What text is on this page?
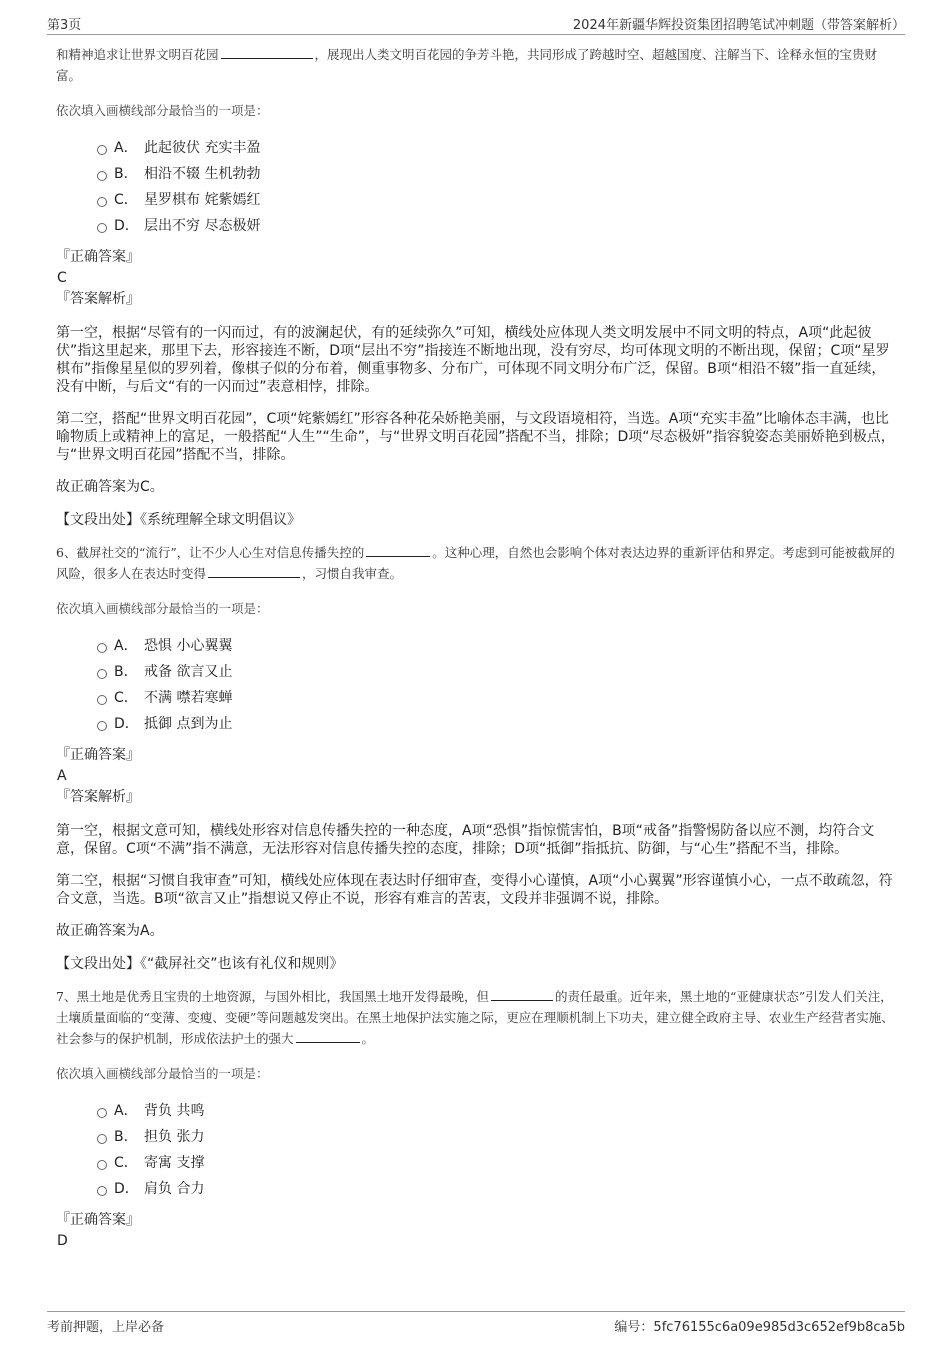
第3页	2024年新疆华辉投资集团招聘笔试冲刺题（带答案解析）

和精神追求让世界文明百花园	，展现出人类文明百花园的争芳斗艳，共同形成了跨越时空、超越国度、注解当下、诠释永恒的宝贵财富。

依次填入画横线部分最恰当的一项是：

A． 此起彼伏 充实丰盈
B． 相沿不辍 生机勃勃
C． 星罗棋布 姹紫嫣红
D． 层出不穷 尽态极妍

『正确答案』

C

『答案解析』

第一空，根据“尽管有的一闪而过，有的波澜起伏，有的延续弥久”可知，横线处应体现人类文明发展中不同文明的特点，A项“此起彼伏”指这里起来，那里下去，形容接连不断，D项“层出不穷”指接连不断地出现，没有穷尽，均可体现文明的不断出现，保留；C项“星罗棋布”指像星星似的罗列着，像棋子似的分布着，侧重事物多、分布广，可体现不同文明分布广泛，保留。B项“相沿不辍”指一直延续，没有中断，与后文“有的一闪而过”表意相悖，排除。

第二空，搭配“世界文明百花园”，C项“姹紫嫣红”形容各种花朵娇艳美丽，与文段语境相符，当选。A项“充实丰盈”比喻体态丰满，也比喻物质上或精神上的富足，一般搭配“人生”“生命”，与“世界文明百花园”搭配不当，排除；D项“尽态极妍”指容貌姿态美丽娇艳到极点，与“世界文明百花园”搭配不当，排除。

故正确答案为C。

【文段出处】《系统理解全球文明倡议》

6、截屏社交的“流行”，让不少人心生对信息传播失控的	。这种心理，自然也会影响个体对表达边界的重新评估和界定。考虑到可能被截屏的风险，很多人在表达时变得	，习惯自我审查。

依次填入画横线部分最恰当的一项是：

A． 恐惧 小心翼翼
B． 戒备 欲言又止
C． 不满 噤若寒蝉
D． 抵御 点到为止

『正确答案』

A

『答案解析』

第一空，根据文意可知，横线处形容对信息传播失控的一种态度，A项“恐惧”指惊慌害怕，B项“戒备”指警惕防备以应不测，均符合文意，保留。C项“不满”指不满意，无法形容对信息传播失控的态度，排除；D项“抵御”指抵抗、防御，与“心生”搭配不当，排除。

第二空，根据“习惯自我审查”可知，横线处应体现在表达时仔细审查，变得小心谨慎，A项“小心翼翼”形容谨慎小心，一点不敢疏忽，符合文意，当选。B项“欲言又止”指想说又停止不说，形容有难言的苦衷，文段并非强调不说，排除。

故正确答案为A。

【文段出处】《“截屏社交”也该有礼仪和规则》

7、黑土地是优秀且宝贵的土地资源，与国外相比，我国黑土地开发得最晚，但	的责任最重。近年来，黑土地的“亚健康状态”引发人们关注，土壤质量面临的“变薄、变瘦、变硬”等问题越发突出。在黑土地保护法实施之际，更应在理顺机制上下功夫，建立健全政府主导、农业生产经营者实施、社会参与的保护机制，形成依法护土的强大	。

依次填入画横线部分最恰当的一项是：

A． 背负 共鸣
B． 担负 张力
C． 寄寓 支撑
D． 肩负 合力

『正确答案』

D

考前押题，上岸必备	编号：5fc76155c6a09e985d3c652ef9b8ca5b
